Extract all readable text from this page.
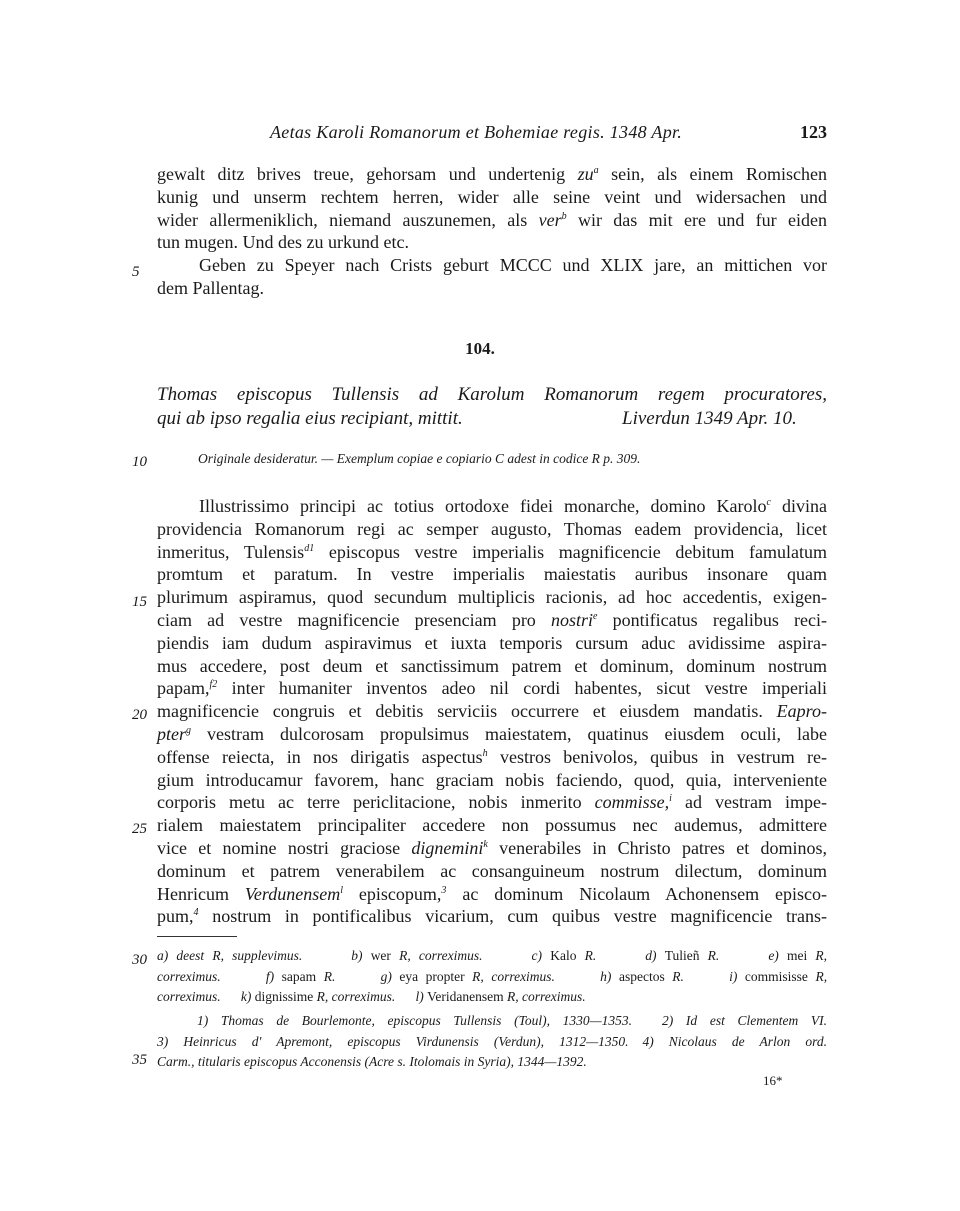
Aetas Karoli Romanorum et Bohemiae regis. 1348 Apr.	123
gewalt ditz brives treue, gehorsam und undertenig $zu^a$ sein, als einem Romischen
kunig und unserm rechtem herren, wider alle seine veint und widersachen und
wider allermeniklich, niemand auszunemen, als ver$^b$ wir das mit ere und fur eiden
tun mugen. Und des zu urkund etc.
Geben zu Speyer nach Crists geburt MCCC und XLIX jare, an mittichen vor
dem Pallentag.
5
10
15
20
25
30
35
104.
Thomas episcopus Tullensis ad Karolum Romanorum regem procuratores,
qui ab ipso regalia eius recipiant, mittit.	Liverdun 1349 Apr. 10.
Originale desideratur. — Exemplum copiae e copiario C adest in codice R p. 309.
Illustrissimo principi ac totius ortodoxe fidei monarche, domino Karolo$^c$ divina
providencia Romanorum regi ac semper augusto, Thomas eadem providencia, licet
inmeritus, Tulensis$^{d1}$ episcopus vestre imperialis magnificencie debitum famulatum
promtum et paratum. In vestre imperialis maiestatis auribus insonare quam
plurimum aspiramus, quod secundum multiplicis racionis, ad hoc accedentis, exigen-
ciam ad vestre magnificencie presenciam pro nostri$^e$ pontificatus regalibus reci-
piendis iam dudum aspiravimus et iuxta temporis cursum aduc avidissime aspira-
mus accedere, post deum et sanctissimum patrem et dominum, dominum nostrum
papam,$^{f2}$ inter humaniter inventos adeo nil cordi habentes, sicut vestre imperiali
magnificencie congruis et debitis serviciis occurrere et eiusdem mandatis. Eapro-
pter$^g$ vestram dulcorosam propulsimus maiestatem, quatinus eiusdem oculi, labe
offense reiecta, in nos dirigatis aspectus$^h$ vestros benivolos, quibus in vestrum re-
gium introducamur favorem, hanc graciam nobis faciendo, quod, quia, interveniente
corporis metu ac terre periclitacione, nobis inmerito commisse,$^i$ ad vestram impe-
rialem maiestatem principaliter accedere non possumus nec audemus, admittere
vice et nomine nostri graciose dignemini$^k$ venerabiles in Christo patres et dominos,
dominum et patrem venerabilem ac consanguineum nostrum dilectum, dominum
Henricum Verdunensem$^l$ episcopum,$^3$ ac dominum Nicolaum Achonensem episco-
pum,$^4$ nostrum in pontificalibus vicarium, cum quibus vestre magnificencie trans-
a) deest R, supplevimus.	b) wer R, correximus.	c) Kalo R.	d) Tulieñ R.	e) mei R,
correximus.	f) sapam R.	g) eya propter R, correximus.	h) aspectos R.	i) commisisse R,
correximus. k) dignissime R, correximus. l) Veridanensem R, correximus.
1) Thomas de Bourlemonte, episcopus Tullensis (Toul), 1330—1353. 2) Id est Clementem VI.
3) Heinricus d' Apremont, episcopus Virdunensis (Verdun), 1312—1350. 4) Nicolaus de Arlon ord.
Carm., titularis episcopus Acconensis (Acre s. Itolomais in Syria), 1344—1392.
16*
